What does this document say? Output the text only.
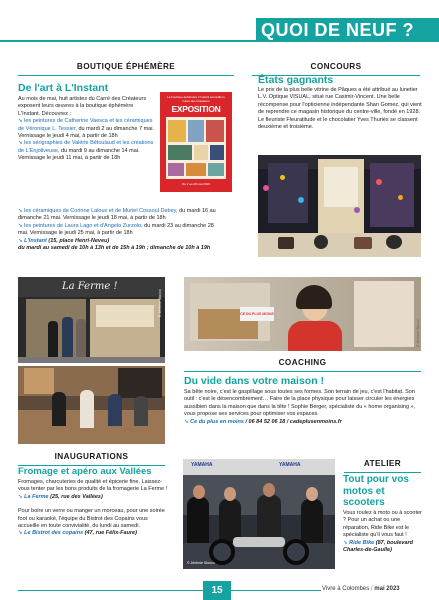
QUOI DE NEUF ?
BOUTIQUE ÉPHÉMÈRE
De l'art à L'Instant

Au mois de mai, huit artistes du Carré des Créateurs exposent leurs œuvres à la boutique éphémère L'Instant. Découvrez :

➘ les peintures de Catherine Vaesca et les céramiques de Véronique L. Tessier, du mardi 2 au dimanche 7 mai. Vernissage le jeudi 4 mai, à partir de 18h

➘ les sérigraphies de Valérie Bétoulaud et les créations de L'Enjoliveuse, du mardi 9 au dimanche 14 mai. Vernissage le jeudi 11 mai, à partir de 18h

➘ les céramiques de Corinne Laloux et de Muriel Cossoul Debey, du mardi 16 au dimanche 21 mai. Vernissage le jeudi 18 mai, à partir de 18h

➘ les peintures de Laura Lago et d'Angelo Zurzolo, du mardi 23 au dimanche 28 mai. Vernissage le jeudi 25 mai, à partir de 18h

➘ L'Instant (15, place Henri-Neveu)

du mardi au samedi de 10h à 13h et de 15h à 19h ; dimanche de 10h à 19h

La boutique éphémère L'Instant accueille le Carré des Créateurs
EXPOSITION
Du 2 au 28 mai 2023
CONCOURS
États gagnants
Le prix de la plus belle vitrine de Pâques a été attribué au lunetier L.V. Optique VISUAL, situé rue Casimir-Vincent. Une belle récompense pour l'opticienne indépendante Shan Gomez, qui vient de reprendre ce magasin historique du centre-ville, fondé en 1928. Le fleuriste Fleuratitude et le chocolatier Yves Thuriès se classent deuxième et troisième.
La Ferme !
© Jérémie Stocco	CE DU PLUS MOINS
© Jérémie Stocco
COACHING
Du vide dans votre maison !

Sa bête noire, c'est le gaspillage sous toutes ses formes. Son terrain de jeu, c'est l'habitat. Son outil : c'est le désencombrement… Faire de la place physique pour laisser circuler les énergies aussibien dans la maison que dans la tête ! Sophie Berger, spécialiste du « home organising », vous propose ses services pour optimiser vos espaces.

➘ Ce du plus en moins / 06 84 52 06 18 / cadeplusenmoins.fr

INAUGURATIONS
Fromage et apéro aux Vallées

Fromages, charcuteries de qualité et épicerie fine. Laissez-vous tenter par les bons produits de la fromagerie La Ferme !

➘ La Ferme (25, rue des Vallées)

Pour boire un verre ou manger un morceau, pour une soirée foot ou karaoké, l'équipe du Bistrot des Copains vous accueille en toute convivialité, du lundi au samedi.

➘ Le Bistrot des copains (47, rue Félix-Faure)

YAMAHA	YAMAHA
© Jérémie Stocco
ATELIER
Tout pour vos motos et scooters

Vous roulez à moto ou à scooter ? Pour un achat ou une réparation, Ride Bike est le spécialiste qu'il vous faut !

➘ Ride Bike (87, boulevard Charles-de-Gaulle)

15	Vivre à Colombes / mai 2023
